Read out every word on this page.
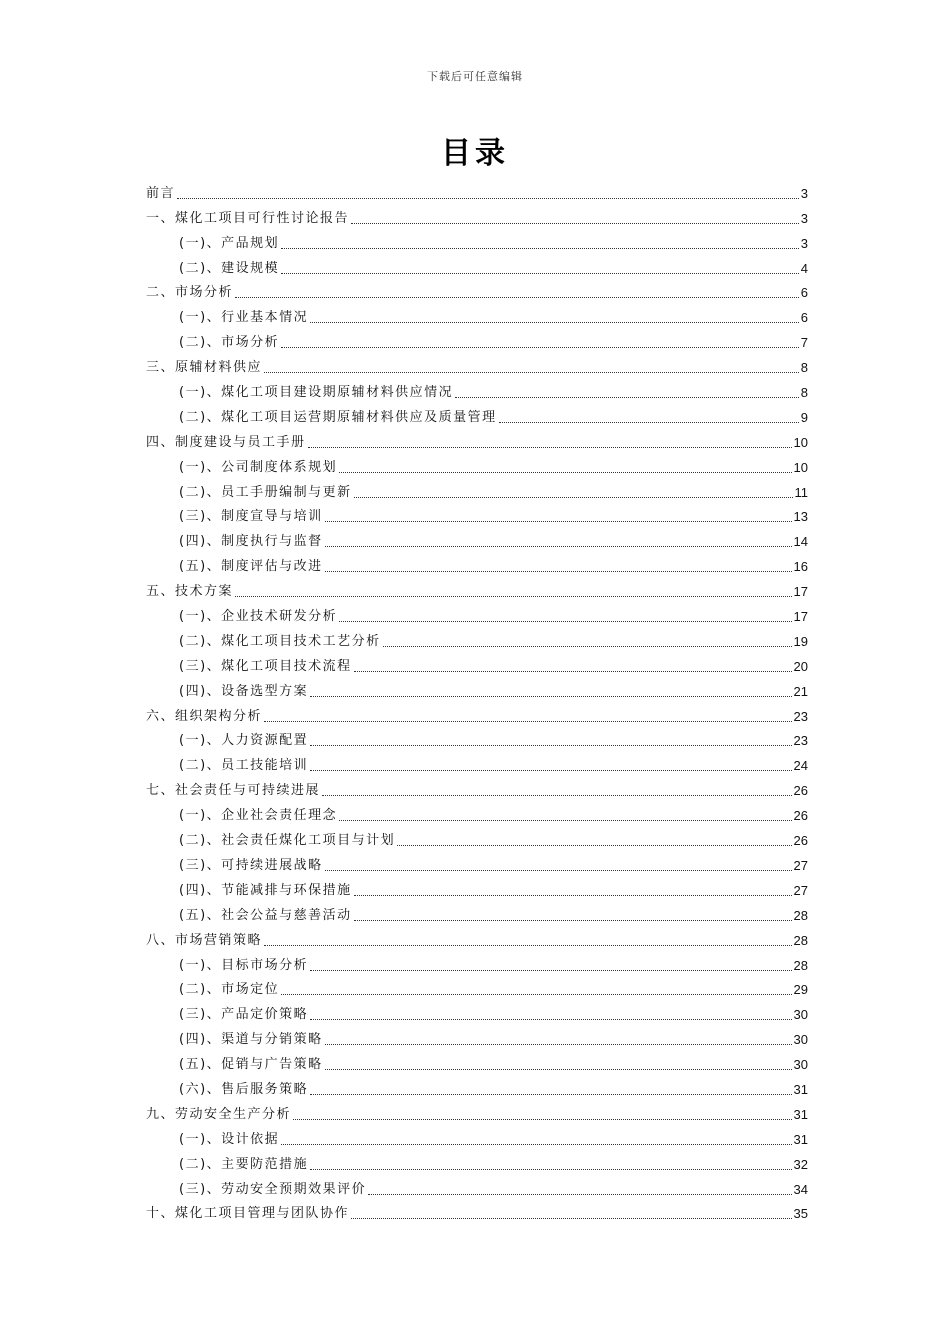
下载后可任意编辑
目录
前言	3
一、煤化工项目可行性讨论报告	3
(一)、产品规划	3
(二)、建设规模	4
二、市场分析	6
(一)、行业基本情况	6
(二)、市场分析	7
三、原辅材料供应	8
(一)、煤化工项目建设期原辅材料供应情况	8
(二)、煤化工项目运营期原辅材料供应及质量管理	9
四、制度建设与员工手册	10
(一)、公司制度体系规划	10
(二)、员工手册编制与更新	11
(三)、制度宣导与培训	13
(四)、制度执行与监督	14
(五)、制度评估与改进	16
五、技术方案	17
(一)、企业技术研发分析	17
(二)、煤化工项目技术工艺分析	19
(三)、煤化工项目技术流程	20
(四)、设备选型方案	21
六、组织架构分析	23
(一)、人力资源配置	23
(二)、员工技能培训	24
七、社会责任与可持续进展	26
(一)、企业社会责任理念	26
(二)、社会责任煤化工项目与计划	26
(三)、可持续进展战略	27
(四)、节能减排与环保措施	27
(五)、社会公益与慈善活动	28
八、市场营销策略	28
(一)、目标市场分析	28
(二)、市场定位	29
(三)、产品定价策略	30
(四)、渠道与分销策略	30
(五)、促销与广告策略	30
(六)、售后服务策略	31
九、劳动安全生产分析	31
(一)、设计依据	31
(二)、主要防范措施	32
(三)、劳动安全预期效果评价	34
十、煤化工项目管理与团队协作	35
